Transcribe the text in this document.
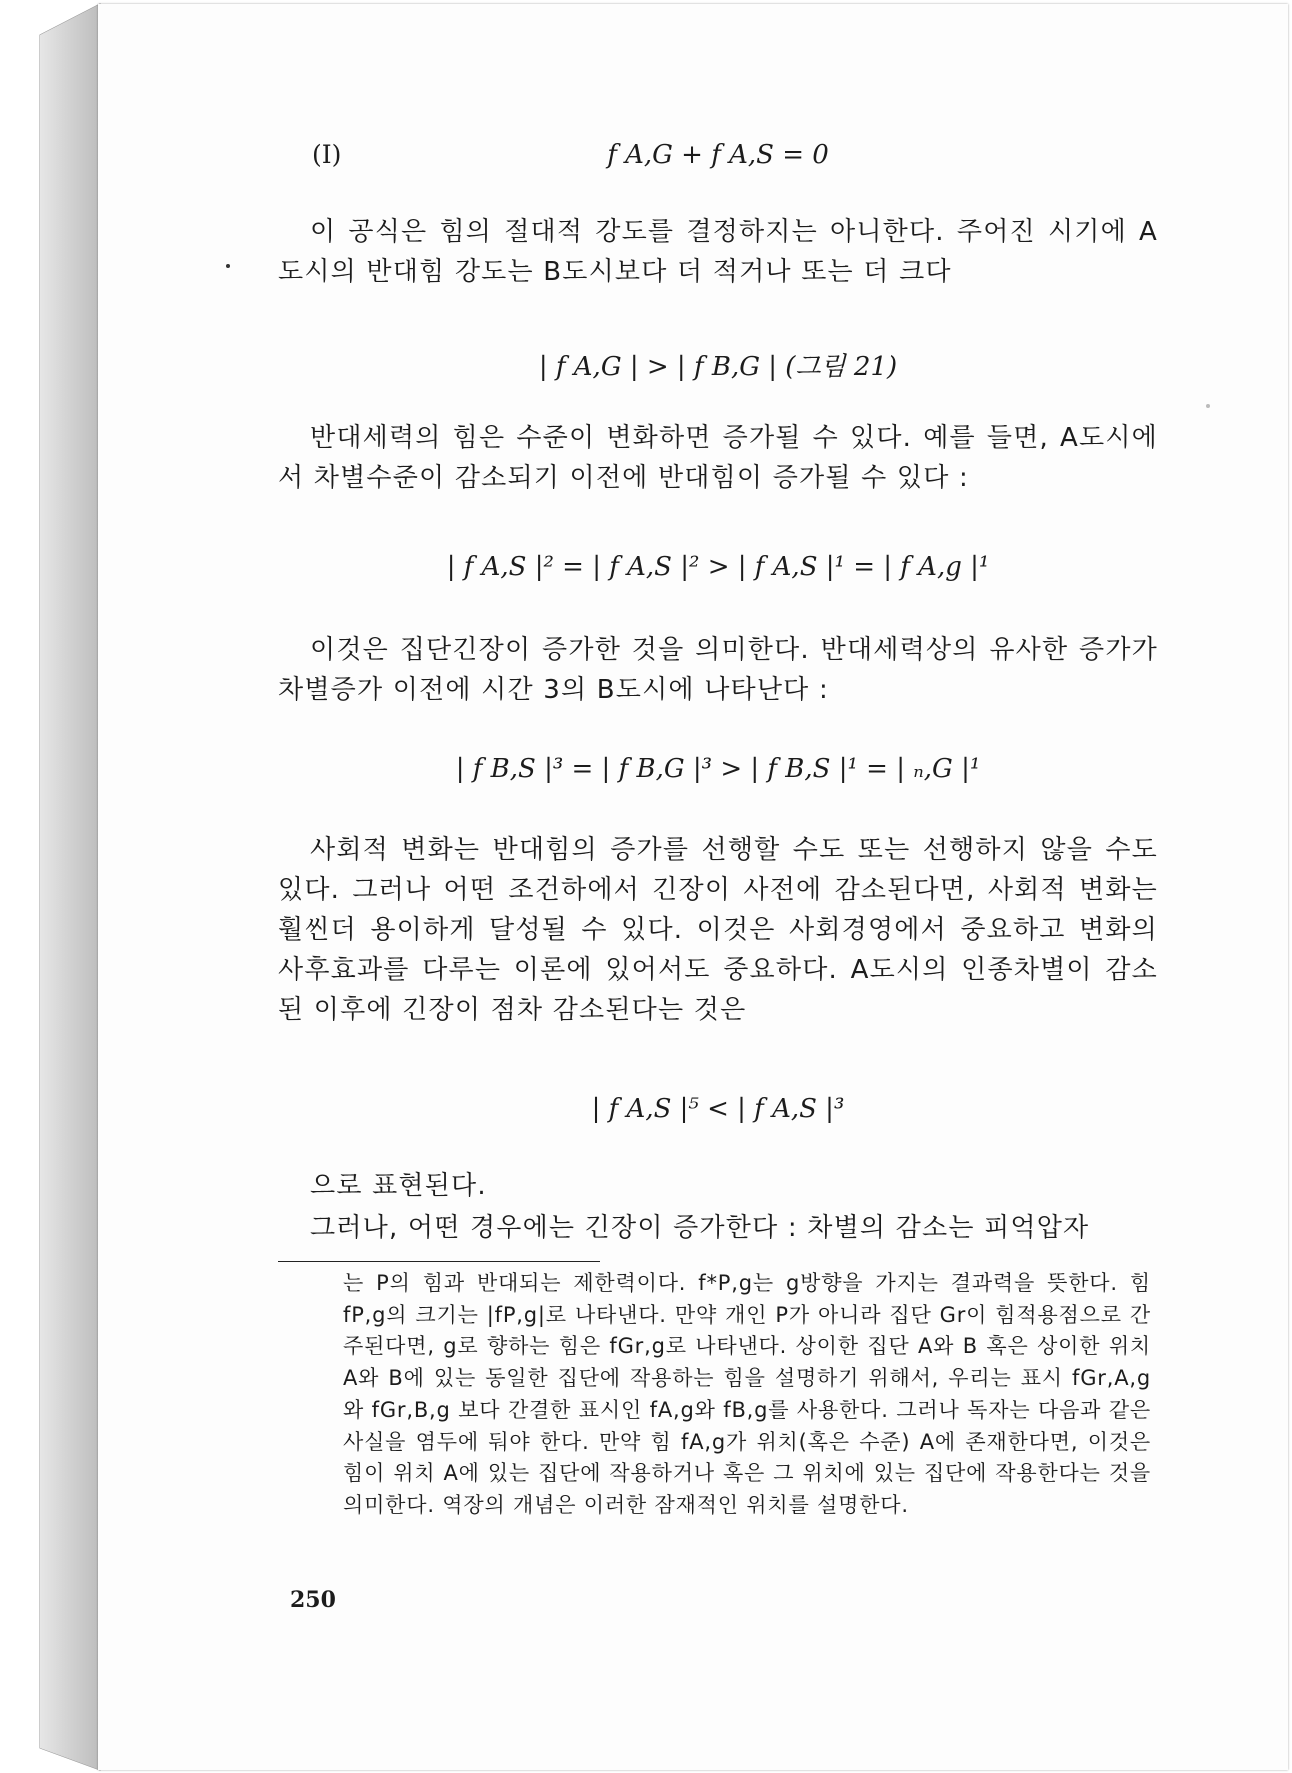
(I)	f A,G + f A,S = 0
이 공식은 힘의 절대적 강도를 결정하지는 아니한다. 주어진 시기에 A도시의 반대힘 강도는 B도시보다 더 적거나 또는 더 크다
| f A,G | > | f B,G | (그림 21)
반대세력의 힘은 수준이 변화하면 증가될 수 있다. 예를 들면, A도시에서 차별수준이 감소되기 이전에 반대힘이 증가될 수 있다 :
| f A,S |² = | f A,S |² > | f A,S |¹ = | f A,g |¹
이것은 집단긴장이 증가한 것을 의미한다. 반대세력상의 유사한 증가가 차별증가 이전에 시간 3의 B도시에 나타난다 :
| f B,S |³ = | f B,G |³ > | f B,S |¹ = | ₙ,G |¹
사회적 변화는 반대힘의 증가를 선행할 수도 또는 선행하지 않을 수도 있다. 그러나 어떤 조건하에서 긴장이 사전에 감소된다면, 사회적 변화는 훨씬더 용이하게 달성될 수 있다. 이것은 사회경영에서 중요하고 변화의 사후효과를 다루는 이론에 있어서도 중요하다. A도시의 인종차별이 감소된 이후에 긴장이 점차 감소된다는 것은
| f A,S |⁵ < | f A,S |³
으로 표현된다.
그러나, 어떤 경우에는 긴장이 증가한다 : 차별의 감소는 피억압자
는 P의 힘과 반대되는 제한력이다. f*P,g는 g방향을 가지는 결과력을 뜻한다. 힘 fP,g의 크기는 |fP,g|로 나타낸다. 만약 개인 P가 아니라 집단 Gr이 힘적용점으로 간주된다면, g로 향하는 힘은 fGr,g로 나타낸다. 상이한 집단 A와 B 혹은 상이한 위치 A와 B에 있는 동일한 집단에 작용하는 힘을 설명하기 위해서, 우리는 표시 fGr,A,g와 fGr,B,g 보다 간결한 표시인 fA,g와 fB,g를 사용한다. 그러나 독자는 다음과 같은 사실을 염두에 둬야 한다. 만약 힘 fA,g가 위치(혹은 수준) A에 존재한다면, 이것은 힘이 위치 A에 있는 집단에 작용하거나 혹은 그 위치에 있는 집단에 작용한다는 것을 의미한다. 역장의 개념은 이러한 잠재적인 위치를 설명한다.
250
